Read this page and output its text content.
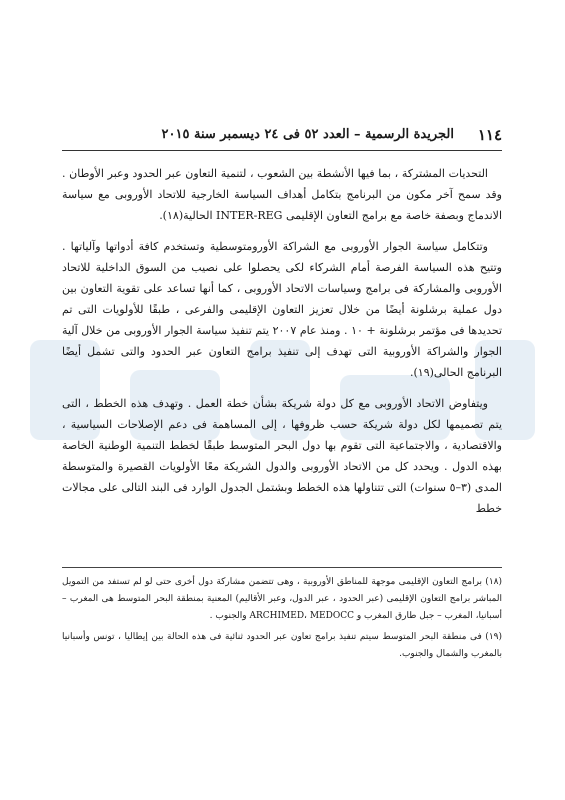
١١٤
الجريدة الرسمية – العدد ٥٢ فى ٢٤ ديسمبر سنة ٢٠١٥

التحديات المشتركة ، بما فيها الأنشطة بين الشعوب ، لتنمية التعاون عبر الحدود وعبر الأوطان . وقد سمح آخر مكون من البرنامج بتكامل أهداف السياسة الخارجية للاتحاد الأوروبى مع سياسة الاندماج وبصفة خاصة مع برامج التعاون الإقليمى INTER-REG الحالية(١٨).

وتتكامل سياسة الجوار الأوروبى مع الشراكة الأورومتوسطية وتستخدم كافة أدواتها وآلياتها . وتتيح هذه السياسة الفرصة أمام الشركاء لكى يحصلوا على نصيب من السوق الداخلية للاتحاد الأوروبى والمشاركة فى برامج وسياسات الاتحاد الأوروبى ، كما أنها تساعد على تقوية التعاون بين دول عملية برشلونة أيضًا من خلال تعزيز التعاون الإقليمى والفرعى ، طبقًا للأولويات التى تم تحديدها فى مؤتمر برشلونة + ١٠ . ومنذ عام ٢٠٠٧ يتم تنفيذ سياسة الجوار الأوروبى من خلال آلية الجوار والشراكة الأوروبية التى تهدف إلى تنفيذ برامج التعاون عبر الحدود والتى تشمل أيضًا البرنامج الحالى(١٩).

ويتفاوض الاتحاد الأوروبى مع كل دولة شريكة بشأن خطة العمل . وتهدف هذه الخطط ، التى يتم تصميمها لكل دولة شريكة حسب ظروفها ، إلى المساهمة فى دعم الإصلاحات السياسية ، والاقتصادية ، والاجتماعية التى تقوم بها دول البحر المتوسط طبقًا لخطط التنمية الوطنية الخاصة بهذه الدول . ويحدد كل من الاتحاد الأوروبى والدول الشريكة معًا الأولويات القصيرة والمتوسطة المدى (٣–٥ سنوات) التى تتناولها هذه الخطط وبشتمل الجدول الوارد فى البند التالى على مجالات خطط

(١٨) برامج التعاون الإقليمى موجهة للمناطق الأوروبية ، وهى تتضمن مشاركة دول أخرى حتى لو لم تستفد من التمويل المباشر برامج التعاون الإقليمى (عبر الحدود ، عبر الدول، وعبر الأقاليم) المعنية بمنطقة البحر المتوسط هى المغرب – أسبانيا، المغرب – جبل طارق المغرب و ARCHIMED، MEDOCC والجنوب .

(١٩) فى منطقة البحر المتوسط سيتم تنفيذ برامج تعاون عبر الحدود ثنائية فى هذه الحالة بين إيطاليا ، تونس وأسبانيا بالمغرب والشمال والجنوب.
